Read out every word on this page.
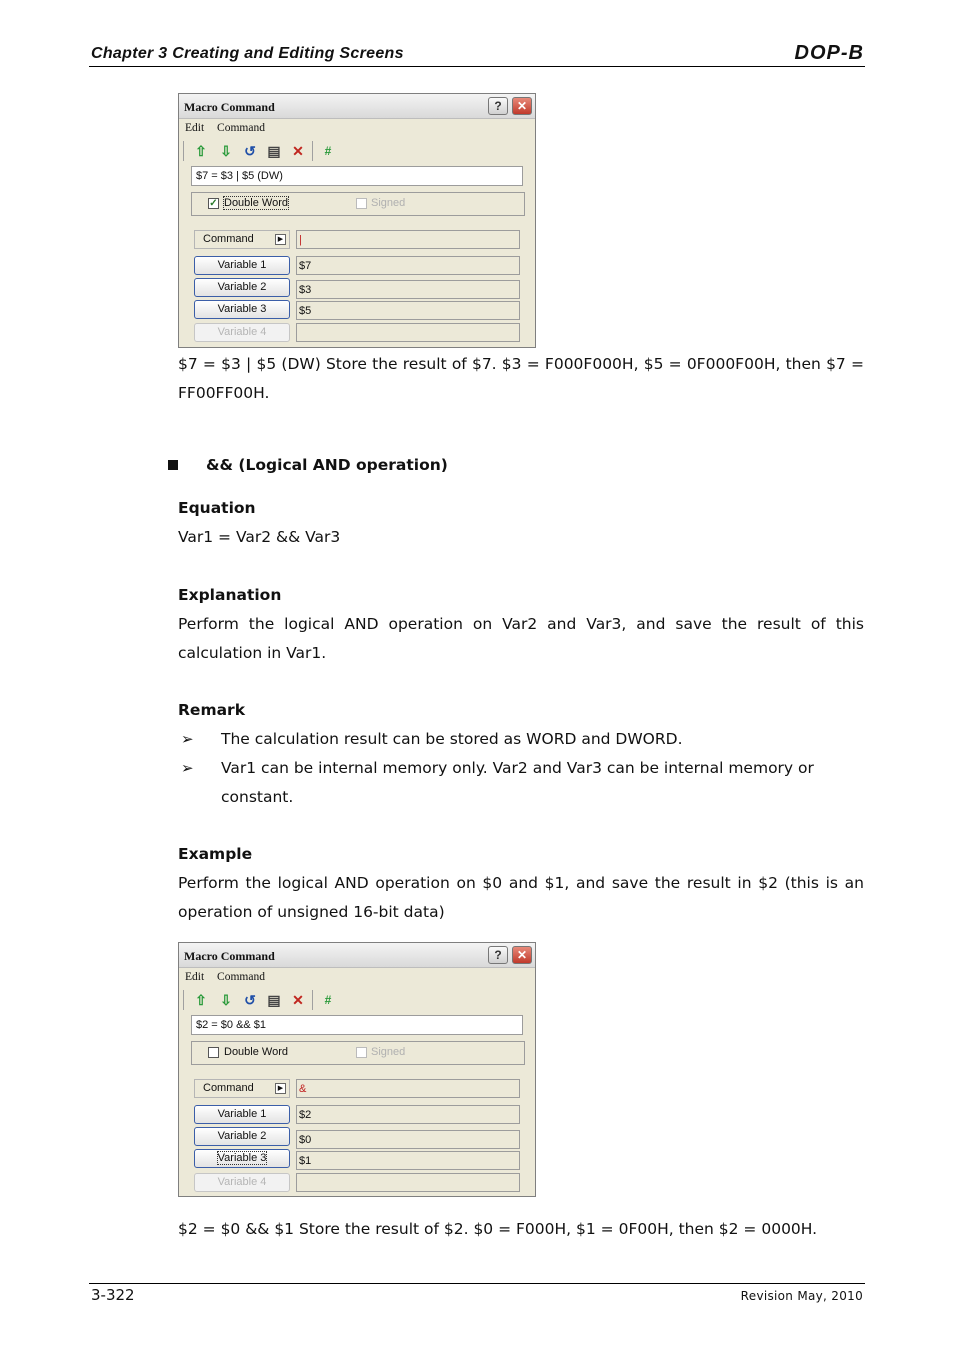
Chapter 3 Creating and Editing Screens	DOP-B
Macro Command	?	✕
Edit Command
⇧ ⇩ ↺ ▤ ✕	#
$7 = $3 | $5 (DW)
✓ Double Word	Signed
Command	▶ |
Variable 1	$7
Variable 2	$3
Variable 3	$5
Variable 4

$7 = $3 | $5 (DW) Store the result of $7. $3 = F000F000H, $5 = 0F000F00H, then $7 = FF00FF00H.

&& (Logical AND operation)
Equation
Var1 = Var2 && Var3
Explanation

Perform the logical AND operation on Var2 and Var3, and save the result of this calculation in Var1.

Remark
➢ The calculation result can be stored as WORD and DWORD.
➢ Var1 can be internal memory only. Var2 and Var3 can be internal memory or constant.
Example

Perform the logical AND operation on $0 and $1, and save the result in $2 (this is an operation of unsigned 16-bit data)

Macro Command	?	✕
Edit Command
⇧ ⇩ ↺ ▤ ✕	#
$2 = $0 && $1
Double Word	Signed
Command	▶ &
Variable 1	$2
Variable 2	$0
Variable 3	$1
Variable 4

$2 = $0 && $1 Store the result of $2. $0 = F000H, $1 = 0F00H, then $2 = 0000H.

3-322	Revision May, 2010
